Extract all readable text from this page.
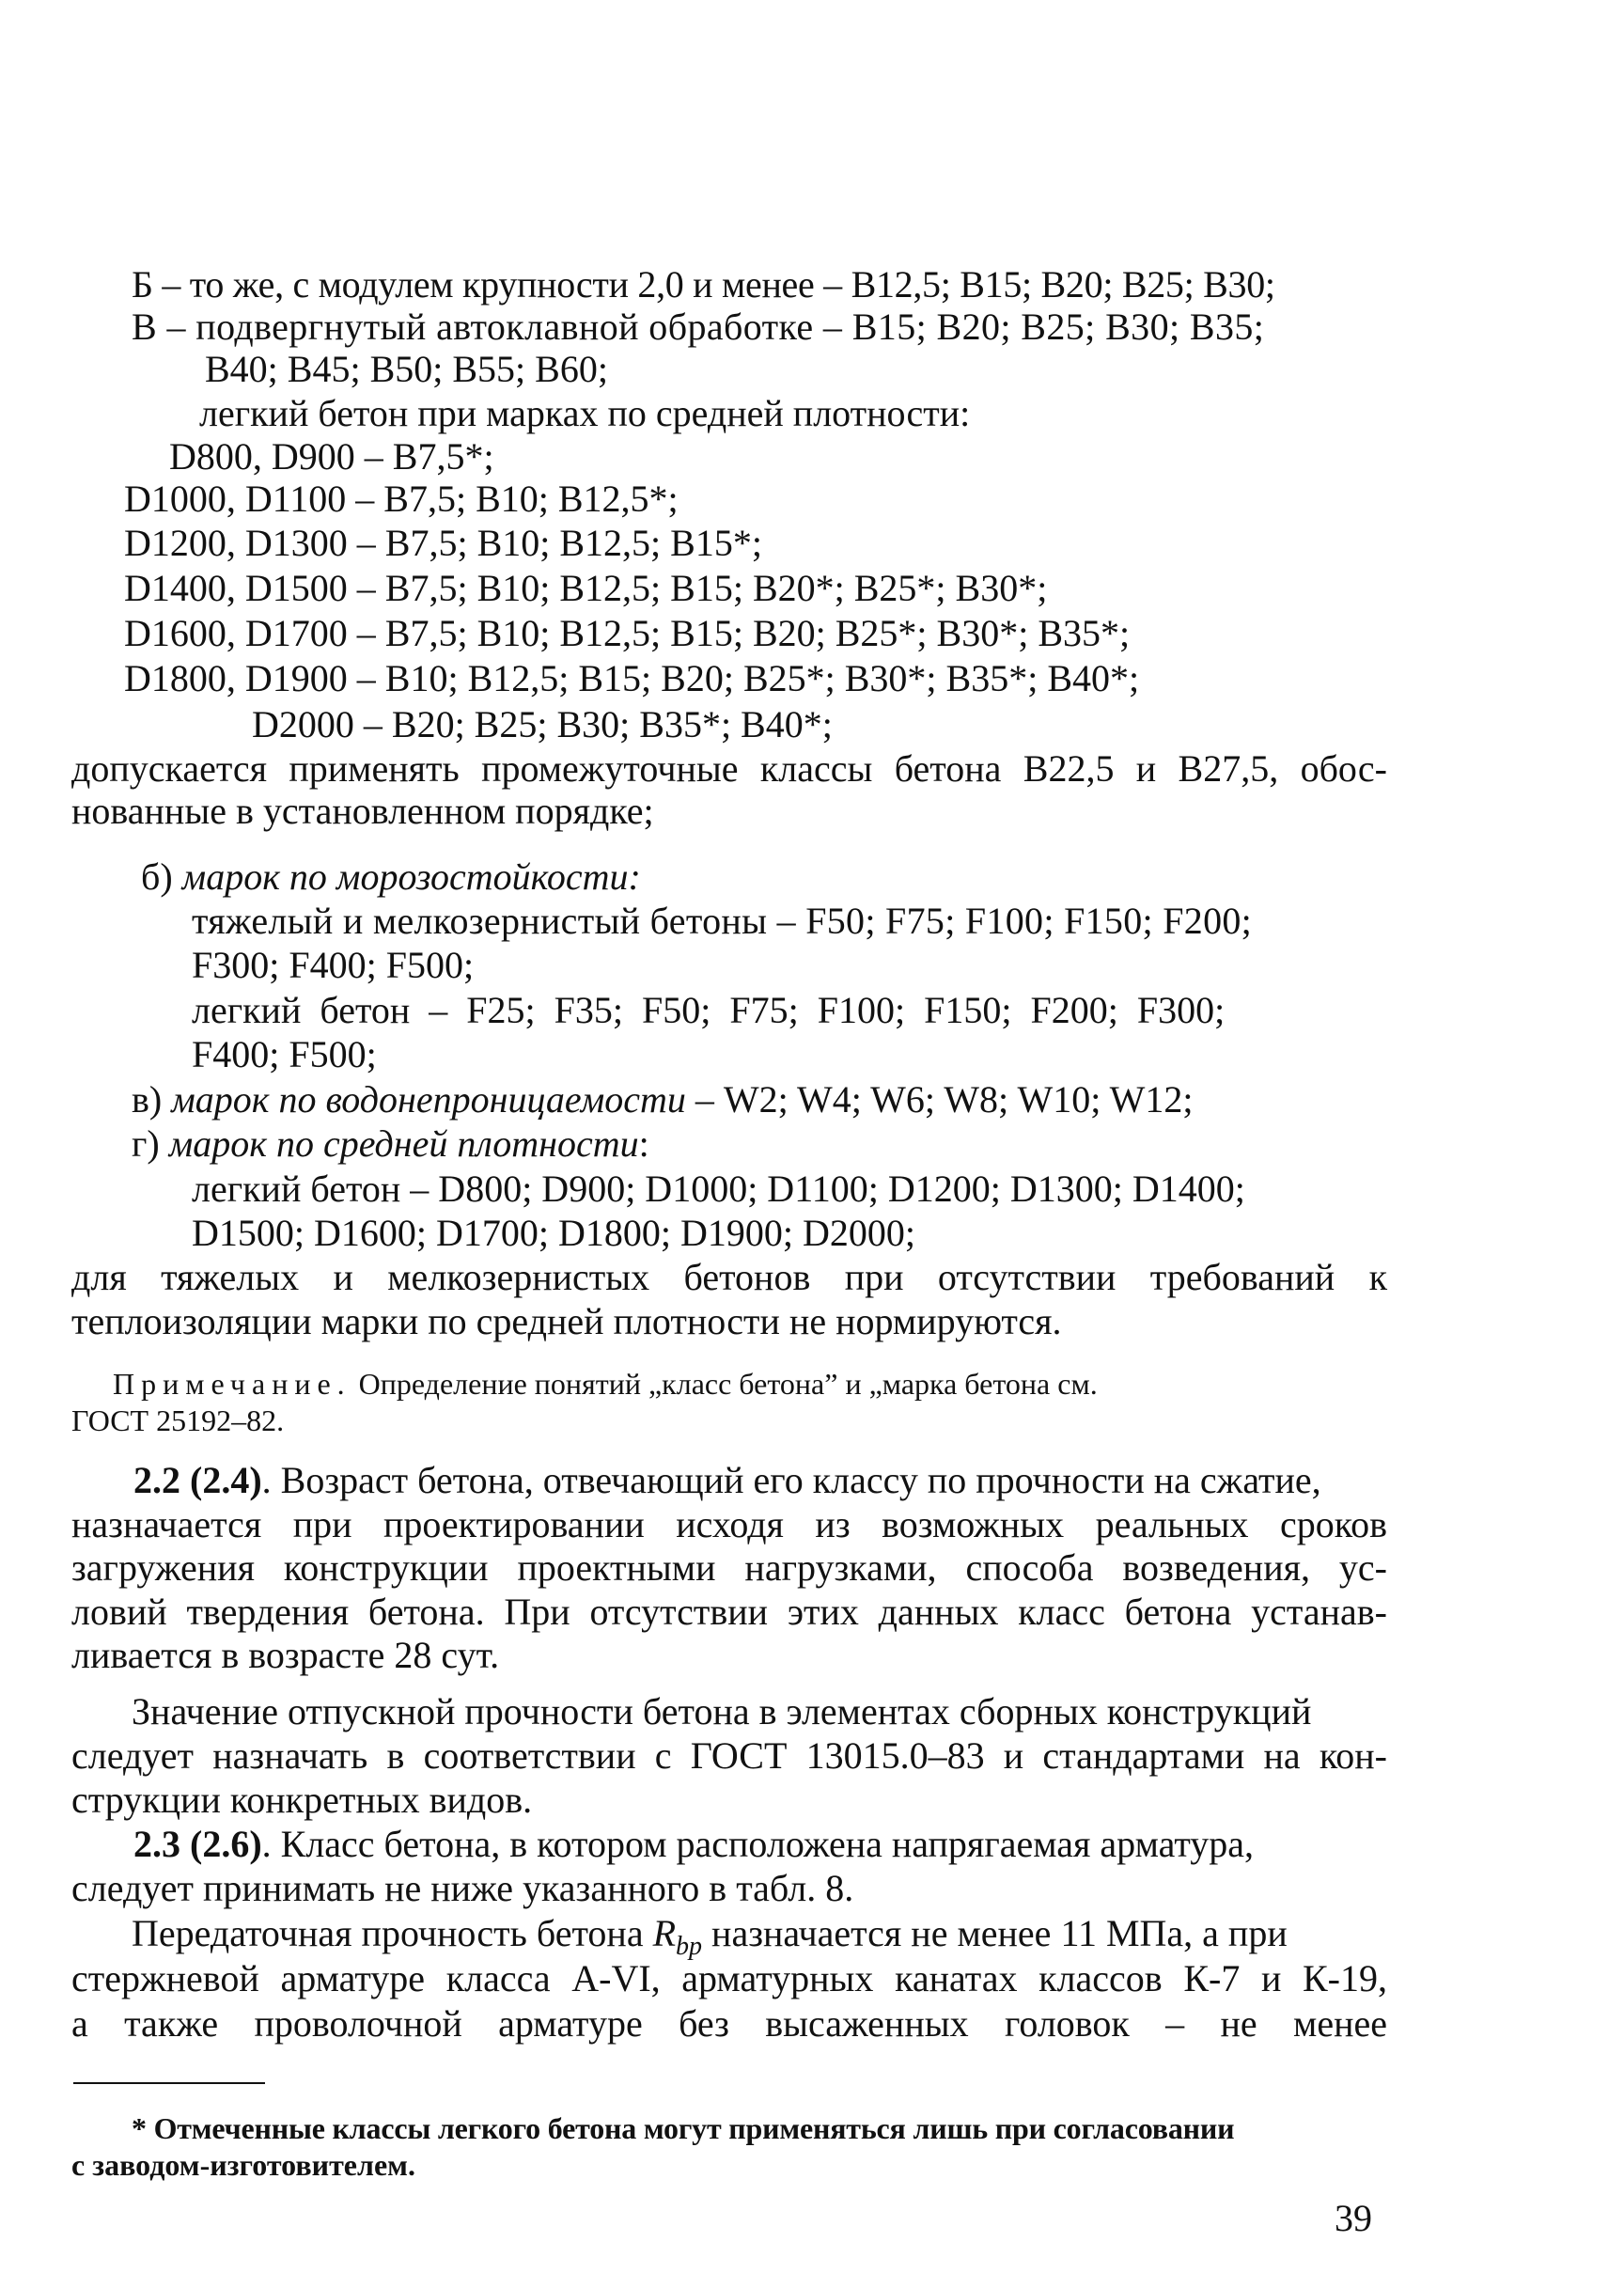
Б – то же, с модулем крупности 2,0 и менее – B12,5; B15; B20; B25; B30;
В – подвергнутый автоклавной обработке – B15; B20; B25; B30; B35;
B40; B45; B50; B55; B60;
легкий бетон при марках по средней плотности:
D800, D900 – B7,5*;
D1000, D1100 – B7,5; B10; B12,5*;
D1200, D1300 – B7,5; B10; B12,5; B15*;
D1400, D1500 – B7,5; B10; B12,5; B15; B20*; B25*; B30*;
D1600, D1700 – B7,5; B10; B12,5; B15; B20; B25*; B30*; B35*;
D1800, D1900 – B10; B12,5; B15; B20; B25*; B30*; B35*; B40*;
D2000 – B20; B25; B30; B35*; B40*;
допускается применять промежуточные классы бетона B22,5 и B27,5, обос-
нованные в установленном порядке;
б) марок по морозостойкости:
тяжелый и мелкозернистый бетоны – F50; F75; F100; F150; F200;
F300; F400; F500;
легкий бетон – F25; F35; F50; F75; F100; F150; F200; F300;
F400; F500;
в) марок по водонепроницаемости – W2; W4; W6; W8; W10; W12;
г) марок по средней плотности:
легкий бетон – D800; D900; D1000; D1100; D1200; D1300; D1400;
D1500; D1600; D1700; D1800; D1900; D2000;
для тяжелых и мелкозернистых бетонов при отсутствии требований к
теплоизоляции марки по средней плотности не нормируются.
Примечание. Определение понятий „класс бетона” и „марка бетона см.
ГОСТ 25192–82.
2.2 (2.4). Возраст бетона, отвечающий его классу по прочности на сжатие,
назначается при проектировании исходя из возможных реальных сроков
загружения конструкции проектными нагрузками, способа возведения, ус-
ловий твердения бетона. При отсутствии этих данных класс бетона устанав-
ливается в возрасте 28 сут.
Значение отпускной прочности бетона в элементах сборных конструкций
следует назначать в соответствии с ГОСТ 13015.0–83 и стандартами на кон-
струкции конкретных видов.
2.3 (2.6). Класс бетона, в котором расположена напрягаемая арматура,
следует принимать не ниже указанного в табл. 8.
Передаточная прочность бетона $R_{bp}$ назначается не менее 11 МПа, а при
стержневой арматуре класса A-VI, арматурных канатах классов К-7 и К-19,
а также проволочной арматуре без высаженных головок – не менее
* Отмеченные классы легкого бетона могут применяться лишь при согласовании
с заводом-изготовителем.
39
